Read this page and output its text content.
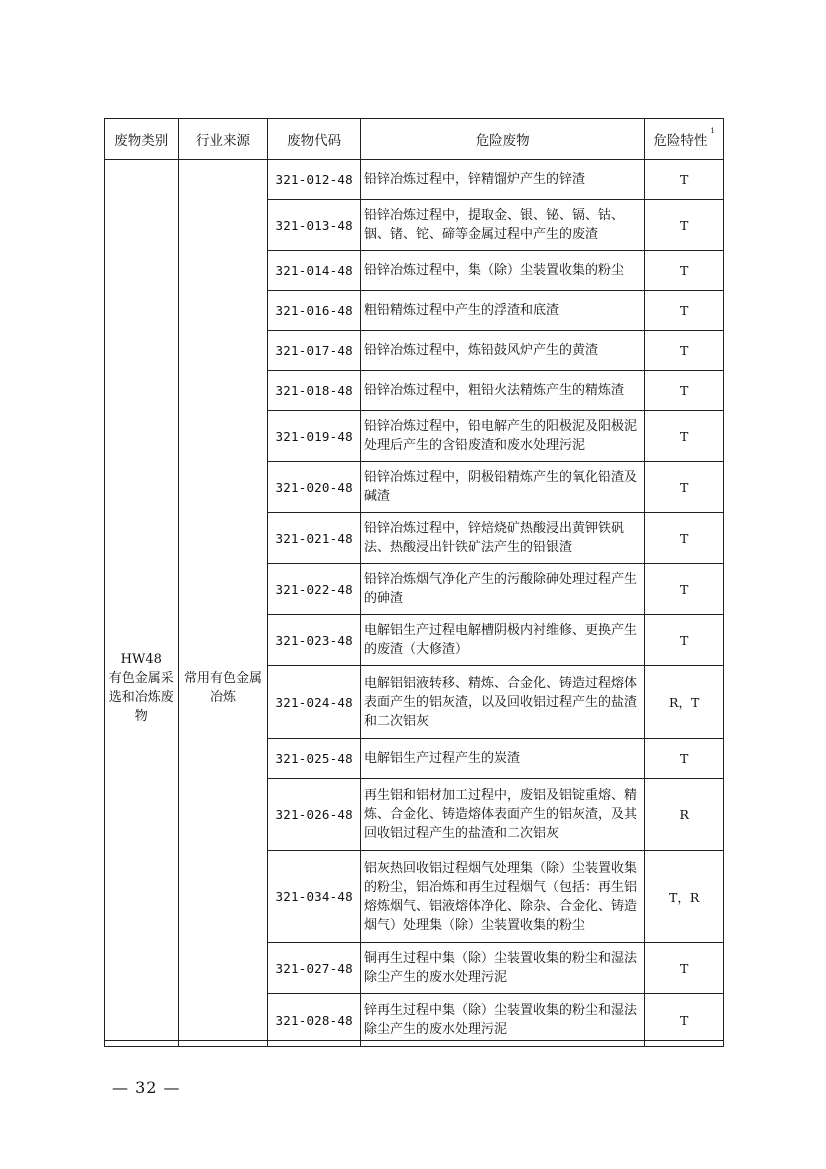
废物类别	行业来源	废物代码	危险废物	危险特性$^1$

HW48
有色金属采选和冶炼废物	常用有色金属冶炼	321-012-48	铅锌冶炼过程中，锌精馏炉产生的锌渣	T
		321-013-48	铅锌冶炼过程中，提取金、银、铋、镉、钴、铟、锗、铊、碲等金属过程中产生的废渣	T
		321-014-48	铅锌冶炼过程中，集（除）尘装置收集的粉尘	T
		321-016-48	粗铅精炼过程中产生的浮渣和底渣	T
		321-017-48	铅锌冶炼过程中，炼铅鼓风炉产生的黄渣	T
		321-018-48	铅锌冶炼过程中，粗铅火法精炼产生的精炼渣	T
		321-019-48	铅锌冶炼过程中，铅电解产生的阳极泥及阳极泥处理后产生的含铅废渣和废水处理污泥	T
		321-020-48	铅锌冶炼过程中，阴极铅精炼产生的氧化铅渣及碱渣	T
		321-021-48	铅锌冶炼过程中，锌焙烧矿热酸浸出黄钾铁矾法、热酸浸出针铁矿法产生的铅银渣	T
		321-022-48	铅锌冶炼烟气净化产生的污酸除砷处理过程产生的砷渣	T
		321-023-48	电解铝生产过程电解槽阴极内衬维修、更换产生的废渣（大修渣）	T
		321-024-48	电解铝铝液转移、精炼、合金化、铸造过程熔体表面产生的铝灰渣，以及回收铝过程产生的盐渣和二次铝灰	R，T
		321-025-48	电解铝生产过程产生的炭渣	T
		321-026-48	再生铝和铝材加工过程中，废铝及铝锭重熔、精炼、合金化、铸造熔体表面产生的铝灰渣，及其回收铝过程产生的盐渣和二次铝灰	R
		321-034-48	铝灰热回收铝过程烟气处理集（除）尘装置收集的粉尘，铝冶炼和再生过程烟气（包括：再生铝熔炼烟气、铝液熔体净化、除杂、合金化、铸造烟气）处理集（除）尘装置收集的粉尘	T，R
		321-027-48	铜再生过程中集（除）尘装置收集的粉尘和湿法除尘产生的废水处理污泥	T
		321-028-48	锌再生过程中集（除）尘装置收集的粉尘和湿法除尘产生的废水处理污泥	T
— 32 —
